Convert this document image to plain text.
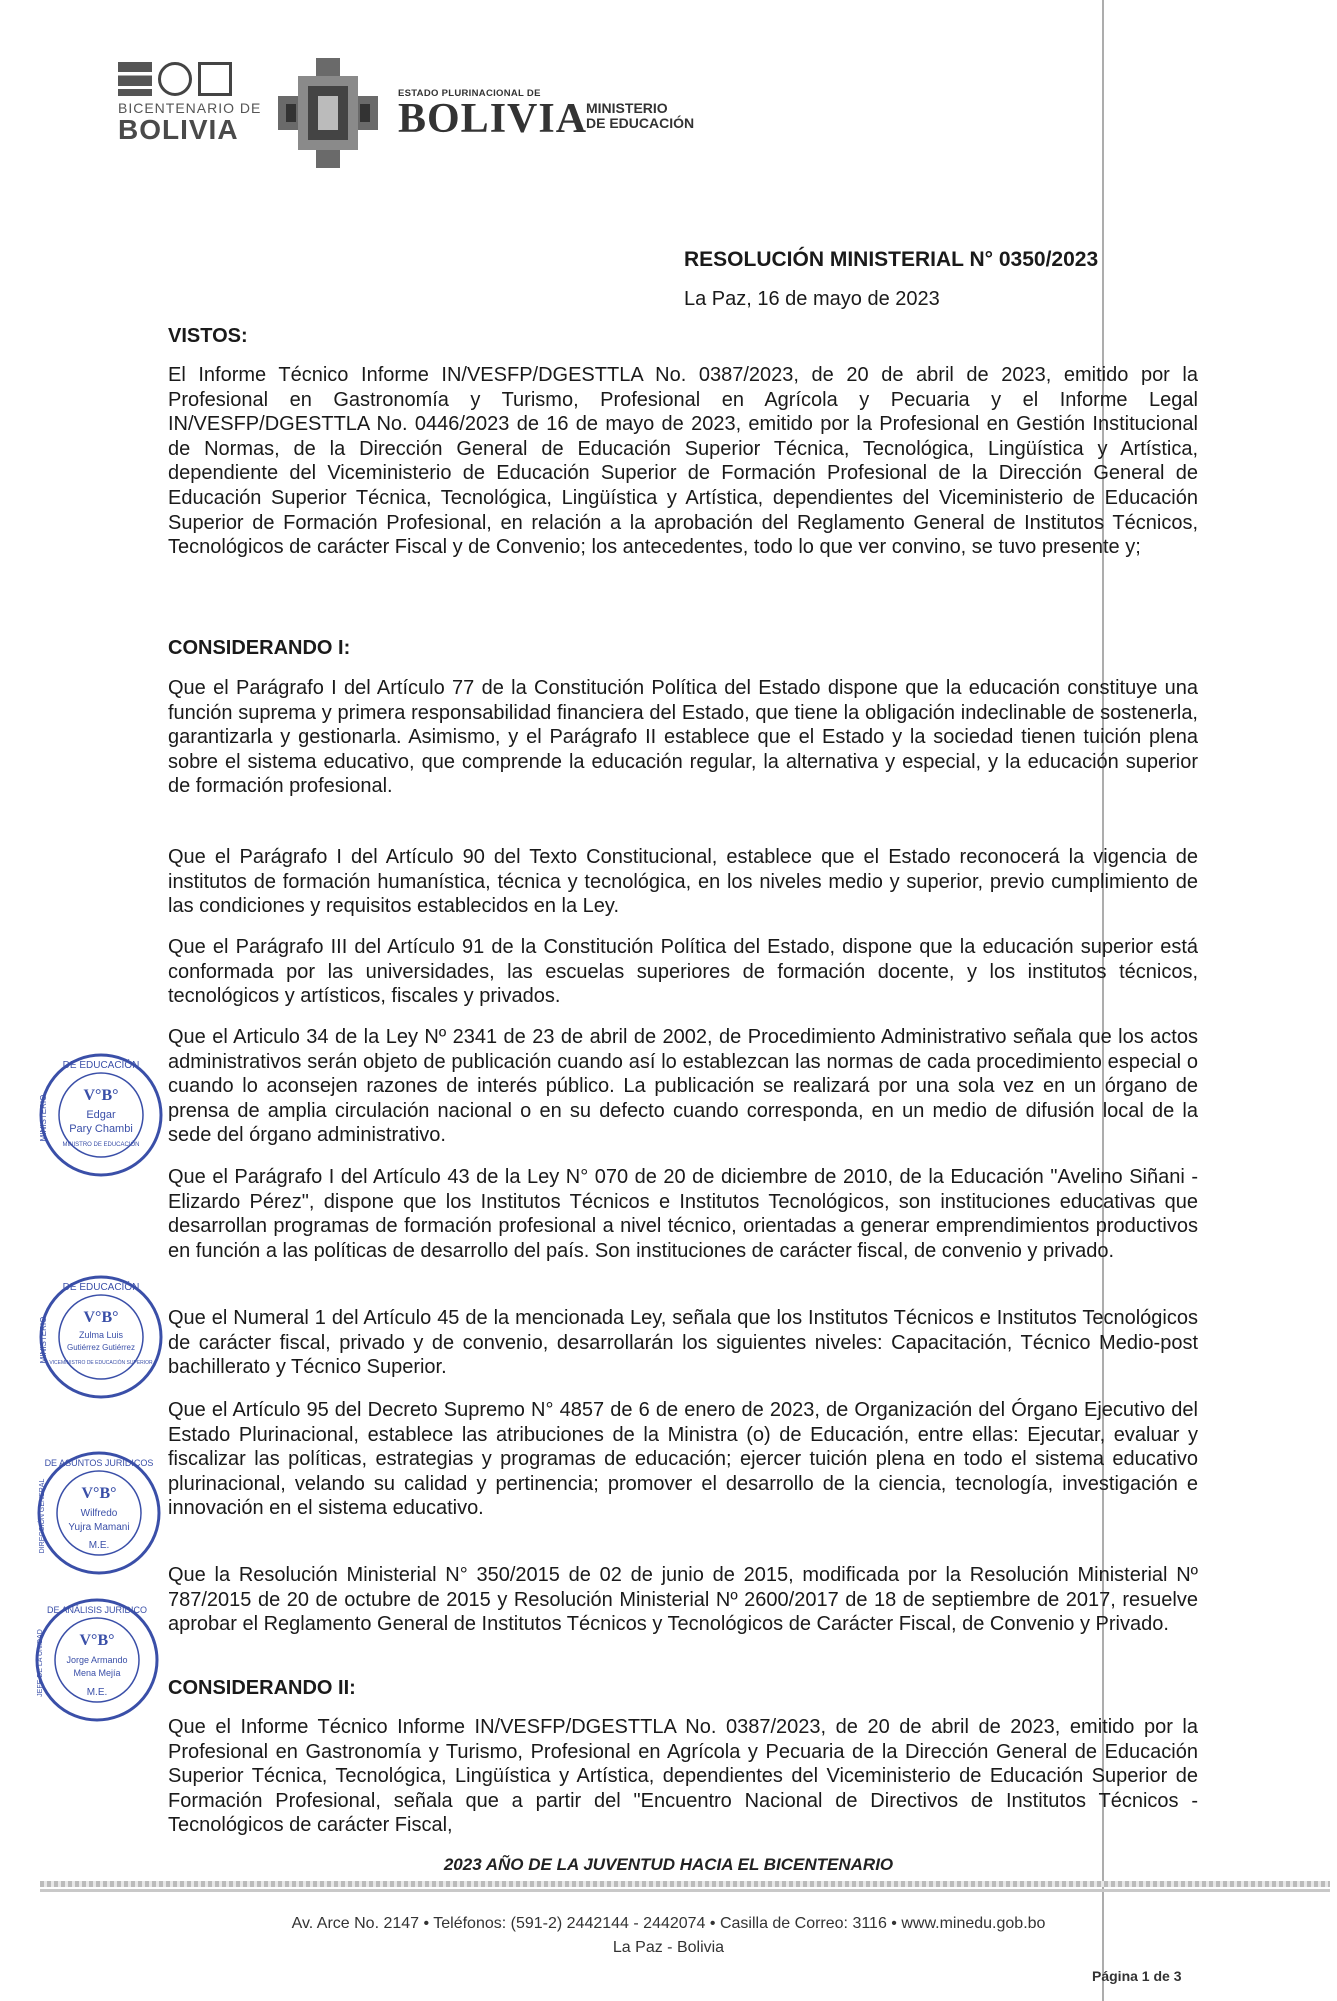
BICENTENARIO DE
BOLIVIA
ESTADO PLURINACIONAL DE
BOLIVIA
MINISTERIO
DE EDUCACIÓN
RESOLUCIÓN MINISTERIAL N° 0350/2023
La Paz, 16 de mayo de 2023
VISTOS:

El Informe Técnico Informe IN/VESFP/DGESTTLA No. 0387/2023, de 20 de abril de 2023, emitido por la Profesional en Gastronomía y Turismo, Profesional en Agrícola y Pecuaria y el Informe Legal IN/VESFP/DGESTTLA No. 0446/2023 de 16 de mayo de 2023, emitido por la Profesional en Gestión Institucional de Normas, de la Dirección General de Educación Superior Técnica, Tecnológica, Lingüística y Artística, dependiente del Viceministerio de Educación Superior de Formación Profesional de la Dirección General de Educación Superior Técnica, Tecnológica, Lingüística y Artística, dependientes del Viceministerio de Educación Superior de Formación Profesional, en relación a la aprobación del Reglamento General de Institutos Técnicos, Tecnológicos de carácter Fiscal y de Convenio; los antecedentes, todo lo que ver convino, se tuvo presente y;

CONSIDERANDO I:

Que el Parágrafo I del Artículo 77 de la Constitución Política del Estado dispone que la educación constituye una función suprema y primera responsabilidad financiera del Estado, que tiene la obligación indeclinable de sostenerla, garantizarla y gestionarla. Asimismo, y el Parágrafo II establece que el Estado y la sociedad tienen tuición plena sobre el sistema educativo, que comprende la educación regular, la alternativa y especial, y la educación superior de formación profesional.

Que el Parágrafo I del Artículo 90 del Texto Constitucional, establece que el Estado reconocerá la vigencia de institutos de formación humanística, técnica y tecnológica, en los niveles medio y superior, previo cumplimiento de las condiciones y requisitos establecidos en la Ley.

Que el Parágrafo III del Artículo 91 de la Constitución Política del Estado, dispone que la educación superior está conformada por las universidades, las escuelas superiores de formación docente, y los institutos técnicos, tecnológicos y artísticos, fiscales y privados.

Que el Articulo 34 de la Ley Nº 2341 de 23 de abril de 2002, de Procedimiento Administrativo señala que los actos administrativos serán objeto de publicación cuando así lo establezcan las normas de cada procedimiento especial o cuando lo aconsejen razones de interés público. La publicación se realizará por una sola vez en un órgano de prensa de amplia circulación nacional o en su defecto cuando corresponda, en un medio de difusión local de la sede del órgano administrativo.

Que el Parágrafo I del Artículo 43 de la Ley N° 070 de 20 de diciembre de 2010, de la Educación "Avelino Siñani - Elizardo Pérez", dispone que los Institutos Técnicos e Institutos Tecnológicos, son instituciones educativas que desarrollan programas de formación profesional a nivel técnico, orientadas a generar emprendimientos productivos en función a las políticas de desarrollo del país. Son instituciones de carácter fiscal, de convenio y privado.

Que el Numeral 1 del Artículo 45 de la mencionada Ley, señala que los Institutos Técnicos e Institutos Tecnológicos de carácter fiscal, privado y de convenio, desarrollarán los siguientes niveles: Capacitación, Técnico Medio-post bachillerato y Técnico Superior.

Que el Artículo 95 del Decreto Supremo N° 4857 de 6 de enero de 2023, de Organización del Órgano Ejecutivo del Estado Plurinacional, establece las atribuciones de la Ministra (o) de Educación, entre ellas: Ejecutar, evaluar y fiscalizar las políticas, estrategias y programas de educación; ejercer tuición plena en todo el sistema educativo plurinacional, velando su calidad y pertinencia; promover el desarrollo de la ciencia, tecnología, investigación e innovación en el sistema educativo.

Que la Resolución Ministerial N° 350/2015 de 02 de junio de 2015, modificada por la Resolución Ministerial Nº 787/2015 de 20 de octubre de 2015 y Resolución Ministerial Nº 2600/2017 de 18 de septiembre de 2017, resuelve aprobar el Reglamento General de Institutos Técnicos y Tecnológicos de Carácter Fiscal, de Convenio y Privado.

CONSIDERANDO II:

Que el Informe Técnico Informe IN/VESFP/DGESTTLA No. 0387/2023, de 20 de abril de 2023, emitido por la Profesional en Gastronomía y Turismo, Profesional en Agrícola y Pecuaria de la Dirección General de Educación Superior Técnica, Tecnológica, Lingüística y Artística, dependientes del Viceministerio de Educación Superior de Formación Profesional, señala que a partir del "Encuentro Nacional de Directivos de Institutos Técnicos - Tecnológicos de carácter Fiscal,

DE EDUCACIÓN
MINISTERIO V°B°
Edgar
Pary Chambi
MINISTRO DE EDUCACIÓN
DE EDUCACIÓN
MINISTERIO V°B°
Zulma Luis
Gutiérrez Gutiérrez
VICEMINISTRO DE EDUCACIÓN SUPERIOR
DE ASUNTOS JURÍDICOS
DIRECCIÓN GENERAL V°B°
Wilfredo
Yujra Mamani
M.E.
DE ANÁLISIS JURÍDICO
JEFE DE LA UNIDAD V°B°
Jorge Armando
Mena Mejía
M.E.
2023 AÑO DE LA JUVENTUD HACIA EL BICENTENARIO
Av. Arce No. 2147 • Teléfonos: (591-2) 2442144 - 2442074 • Casilla de Correo: 3116 • www.minedu.gob.bo
La Paz - Bolivia
Página 1 de 3
